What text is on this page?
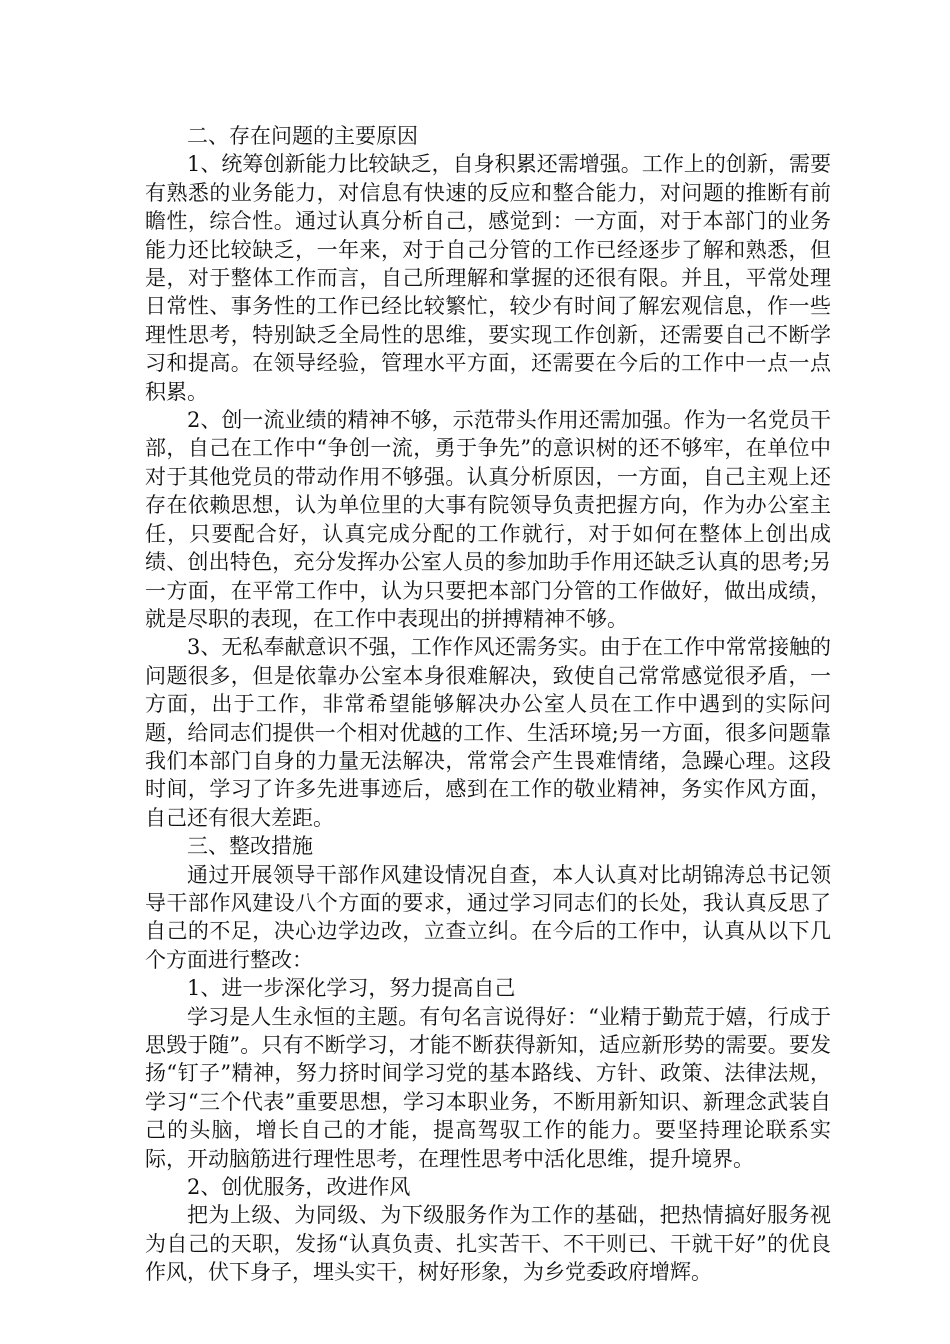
二、存在问题的主要原因

1、统筹创新能力比较缺乏，自身积累还需增强。工作上的创新，需要有熟悉的业务能力，对信息有快速的反应和整合能力，对问题的推断有前瞻性，综合性。通过认真分析自己，感觉到：一方面，对于本部门的业务能力还比较缺乏，一年来，对于自己分管的工作已经逐步了解和熟悉，但是，对于整体工作而言，自己所理解和掌握的还很有限。并且，平常处理日常性、事务性的工作已经比较繁忙，较少有时间了解宏观信息，作一些理性思考，特别缺乏全局性的思维，要实现工作创新，还需要自己不断学习和提高。在领导经验，管理水平方面，还需要在今后的工作中一点一点积累。

2、创一流业绩的精神不够，示范带头作用还需加强。作为一名党员干部，自己在工作中“争创一流，勇于争先”的意识树的还不够牢，在单位中对于其他党员的带动作用不够强。认真分析原因，一方面，自己主观上还存在依赖思想，认为单位里的大事有院领导负责把握方向，作为办公室主任，只要配合好，认真完成分配的工作就行，对于如何在整体上创出成绩、创出特色，充分发挥办公室人员的参加助手作用还缺乏认真的思考;另一方面，在平常工作中，认为只要把本部门分管的工作做好，做出成绩，就是尽职的表现，在工作中表现出的拼搏精神不够。

3、无私奉献意识不强，工作作风还需务实。由于在工作中常常接触的问题很多，但是依靠办公室本身很难解决，致使自己常常感觉很矛盾，一方面，出于工作，非常希望能够解决办公室人员在工作中遇到的实际问题，给同志们提供一个相对优越的工作、生活环境;另一方面，很多问题靠我们本部门自身的力量无法解决，常常会产生畏难情绪，急躁心理。这段时间，学习了许多先进事迹后，感到在工作的敬业精神，务实作风方面，自己还有很大差距。

三、整改措施

通过开展领导干部作风建设情况自查，本人认真对比胡锦涛总书记领导干部作风建设八个方面的要求，通过学习同志们的长处，我认真反思了自己的不足，决心边学边改，立查立纠。在今后的工作中，认真从以下几个方面进行整改：

1、进一步深化学习，努力提高自己

学习是人生永恒的主题。有句名言说得好：“业精于勤荒于嬉，行成于思毁于随”。只有不断学习，才能不断获得新知，适应新形势的需要。要发扬“钉子”精神，努力挤时间学习党的基本路线、方针、政策、法律法规，学习“三个代表”重要思想，学习本职业务，不断用新知识、新理念武装自己的头脑，增长自己的才能，提高驾驭工作的能力。要坚持理论联系实际，开动脑筋进行理性思考，在理性思考中活化思维，提升境界。

2、创优服务，改进作风

把为上级、为同级、为下级服务作为工作的基础，把热情搞好服务视为自己的天职，发扬“认真负责、扎实苦干、不干则已、干就干好”的优良作风，伏下身子，埋头实干，树好形象，为乡党委政府增辉。
